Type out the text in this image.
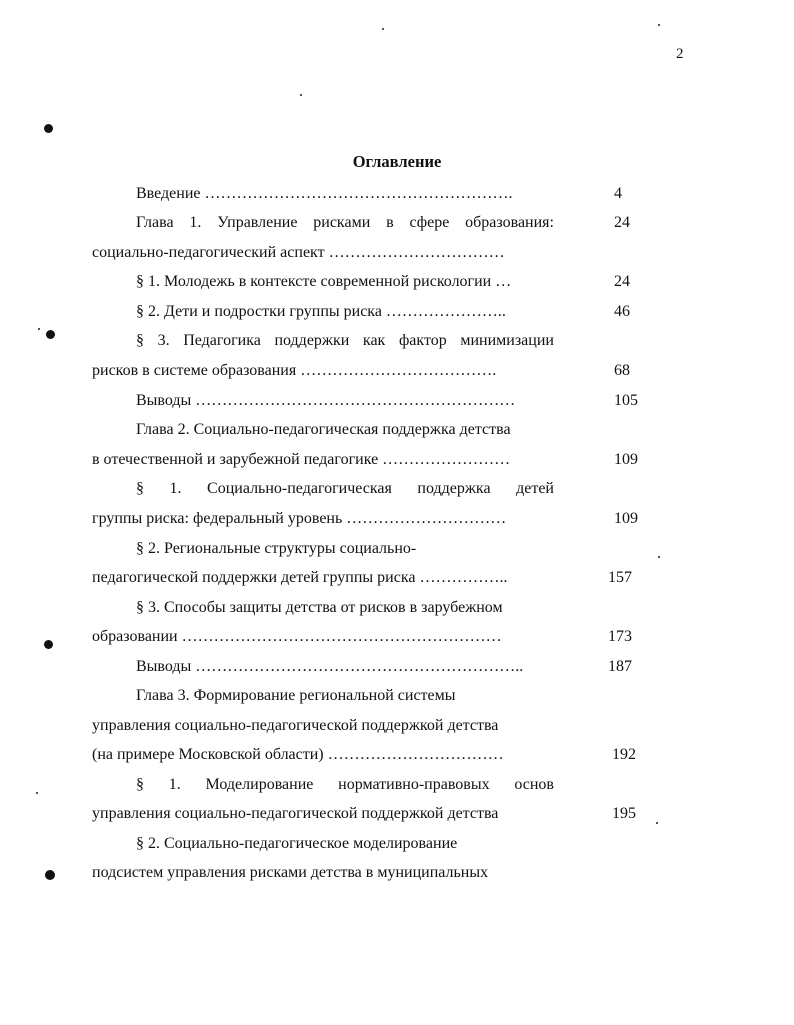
2
Оглавление
Введение ………………………………………………….	4
Глава 1. Управление рисками в сфере образования:	24
социально-педагогический аспект ……………………………
§ 1. Молодежь в контексте современной рискологии …	24
§ 2. Дети и подростки группы риска …………………..	46
§ 3. Педагогика поддержки как фактор минимизации
рисков в системе образования ……………………………….	68
Выводы ……………………………………………………	105
Глава 2. Социально-педагогическая поддержка детства
в отечественной и зарубежной педагогике ……………………	109
§ 1. Социально-педагогическая поддержка детей
группы риска: федеральный уровень …………………………	109
§ 2. Региональные структуры социально-
педагогической поддержки детей группы риска ……………..	157
§ 3. Способы защиты детства от рисков в зарубежном
образовании ……………………………………………………	173
Выводы ……………………………………………………..	187
Глава 3. Формирование региональной системы
управления социально-педагогической поддержкой детства
(на примере Московской области) ……………………………	192
§ 1. Моделирование нормативно-правовых основ
управления социально-педагогической поддержкой детства	195
§ 2. Социально-педагогическое моделирование
подсистем управления рисками детства в муниципальных
